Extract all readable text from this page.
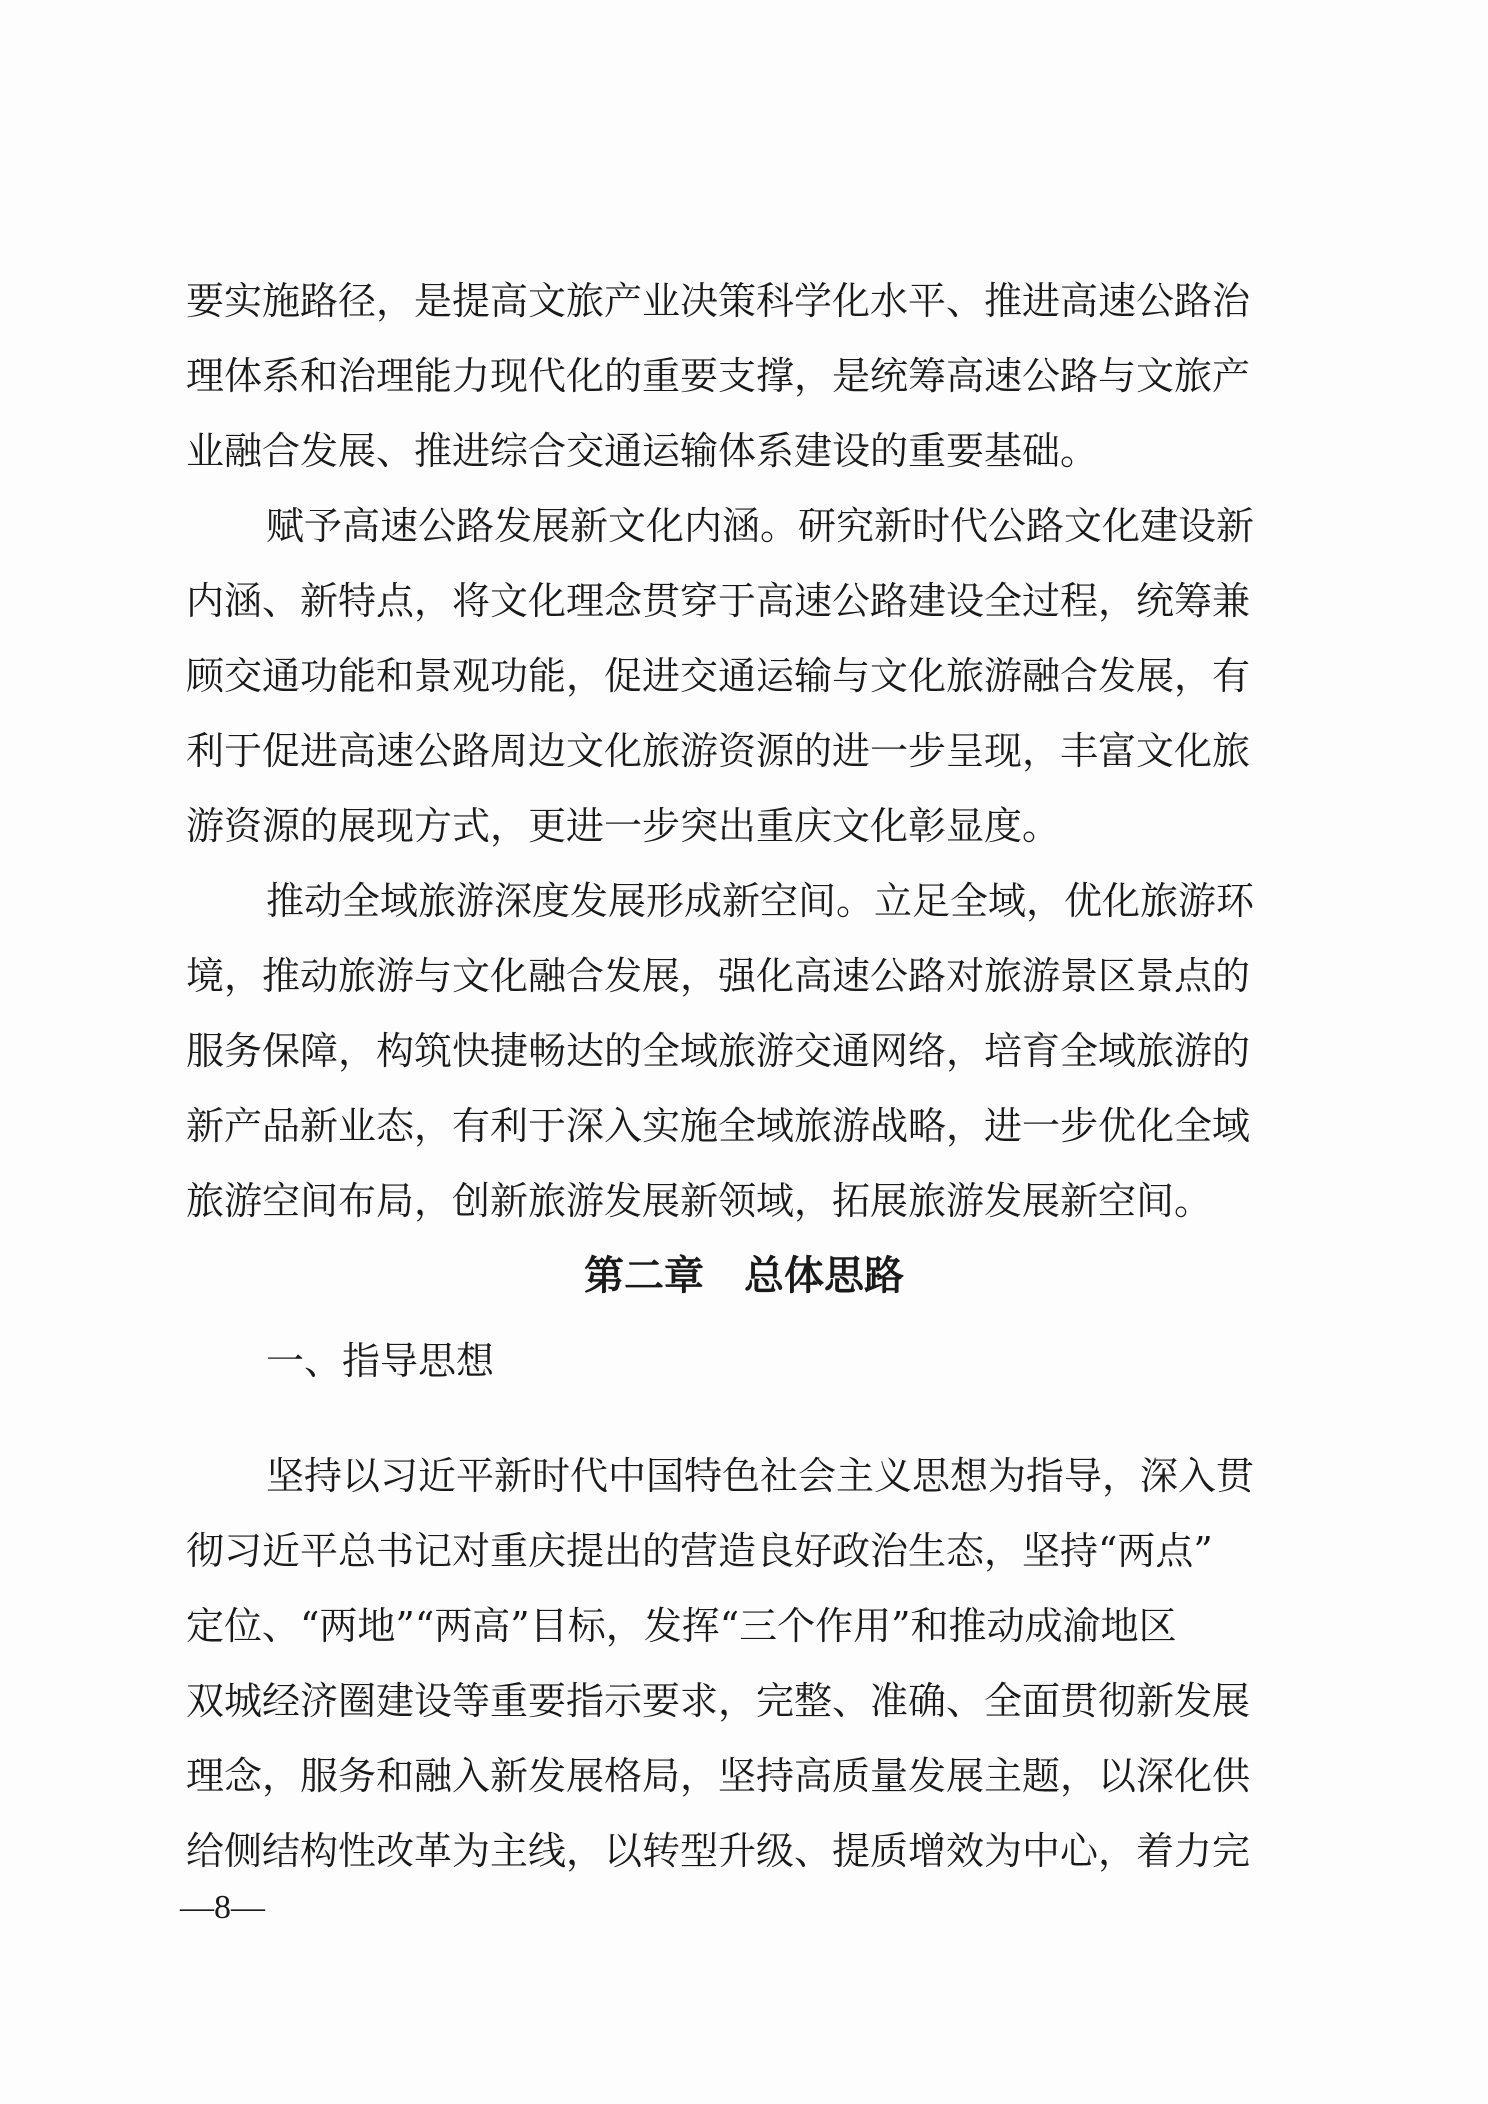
要实施路径，是提高文旅产业决策科学化水平、推进高速公路治
理体系和治理能力现代化的重要支撑，是统筹高速公路与文旅产
业融合发展、推进综合交通运输体系建设的重要基础。
赋予高速公路发展新文化内涵。研究新时代公路文化建设新
内涵、新特点，将文化理念贯穿于高速公路建设全过程，统筹兼
顾交通功能和景观功能，促进交通运输与文化旅游融合发展，有
利于促进高速公路周边文化旅游资源的进一步呈现，丰富文化旅
游资源的展现方式，更进一步突出重庆文化彰显度。
推动全域旅游深度发展形成新空间。立足全域，优化旅游环
境，推动旅游与文化融合发展，强化高速公路对旅游景区景点的
服务保障，构筑快捷畅达的全域旅游交通网络，培育全域旅游的
新产品新业态，有利于深入实施全域旅游战略，进一步优化全域
旅游空间布局，创新旅游发展新领域，拓展旅游发展新空间。
第二章　总体思路
一、指导思想
坚持以习近平新时代中国特色社会主义思想为指导，深入贯
彻习近平总书记对重庆提出的营造良好政治生态，坚持“两点”
定位、“两地”“两高”目标，发挥“三个作用”和推动成渝地区
双城经济圈建设等重要指示要求，完整、准确、全面贯彻新发展
理念，服务和融入新发展格局，坚持高质量发展主题，以深化供
给侧结构性改革为主线，以转型升级、提质增效为中心，着力完
—8—
